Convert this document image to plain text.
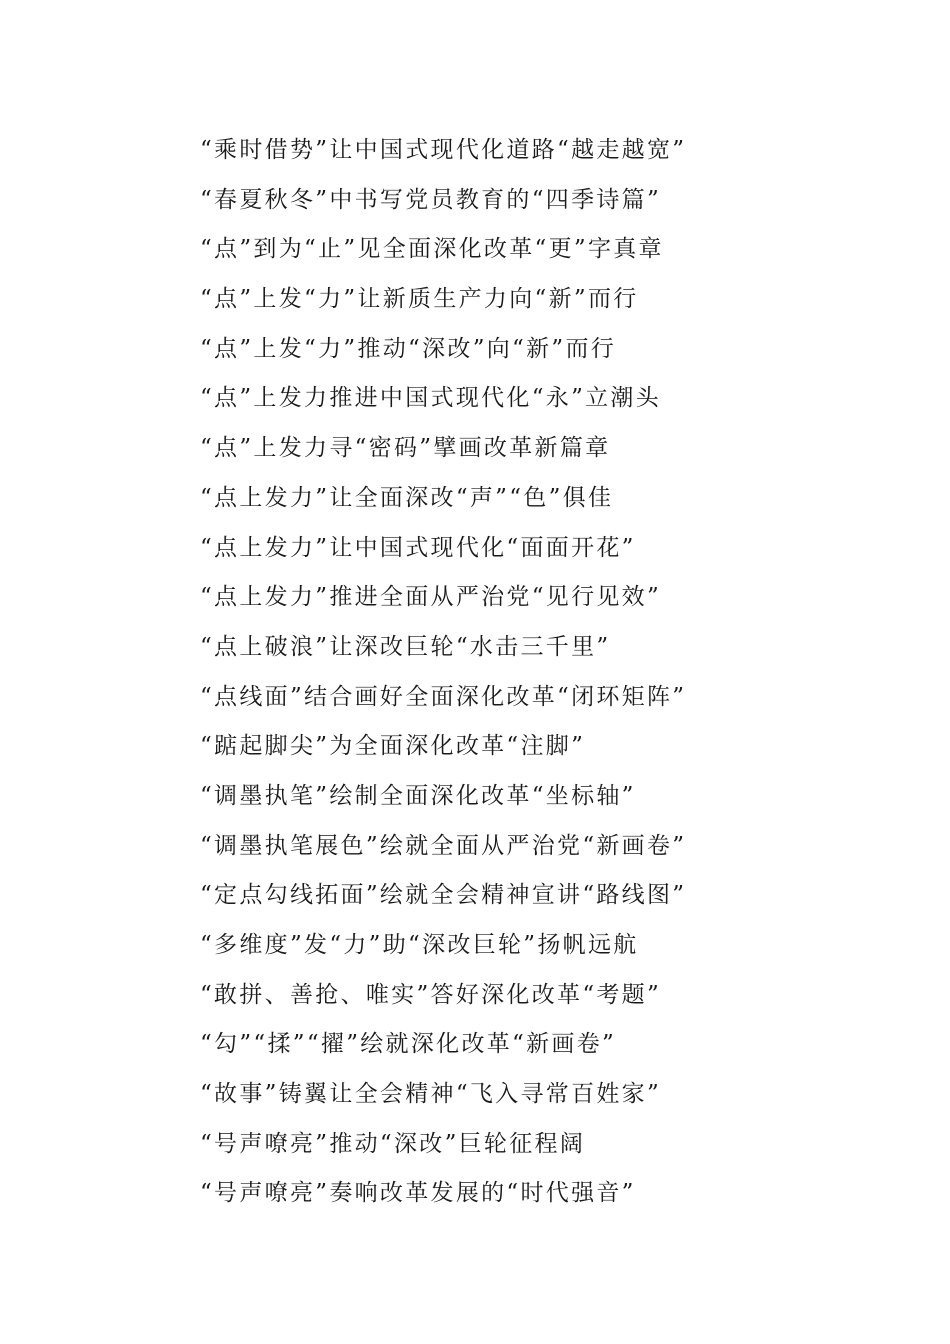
“乘时借势”让中国式现代化道路“越走越宽”
“春夏秋冬”中书写党员教育的“四季诗篇”
“点”到为“止”见全面深化改革“更”字真章
“点”上发“力”让新质生产力向“新”而行
“点”上发“力”推动“深改”向“新”而行
“点”上发力推进中国式现代化“永”立潮头
“点”上发力寻“密码”擘画改革新篇章
“点上发力”让全面深改“声”“色”俱佳
“点上发力”让中国式现代化“面面开花”
“点上发力”推进全面从严治党“见行见效”
“点上破浪”让深改巨轮“水击三千里”
“点线面”结合画好全面深化改革“闭环矩阵”
“踮起脚尖”为全面深化改革“注脚”
“调墨执笔”绘制全面深化改革“坐标轴”
“调墨执笔展色”绘就全面从严治党“新画卷”
“定点勾线拓面”绘就全会精神宣讲“路线图”
“多维度”发“力”助“深改巨轮”扬帆远航
“敢拼、善抢、唯实”答好深化改革“考题”
“勾”“揉”“擢”绘就深化改革“新画卷”
“故事”铸翼让全会精神“飞入寻常百姓家”
“号声嘹亮”推动“深改”巨轮征程阔
“号声嘹亮”奏响改革发展的“时代强音”
